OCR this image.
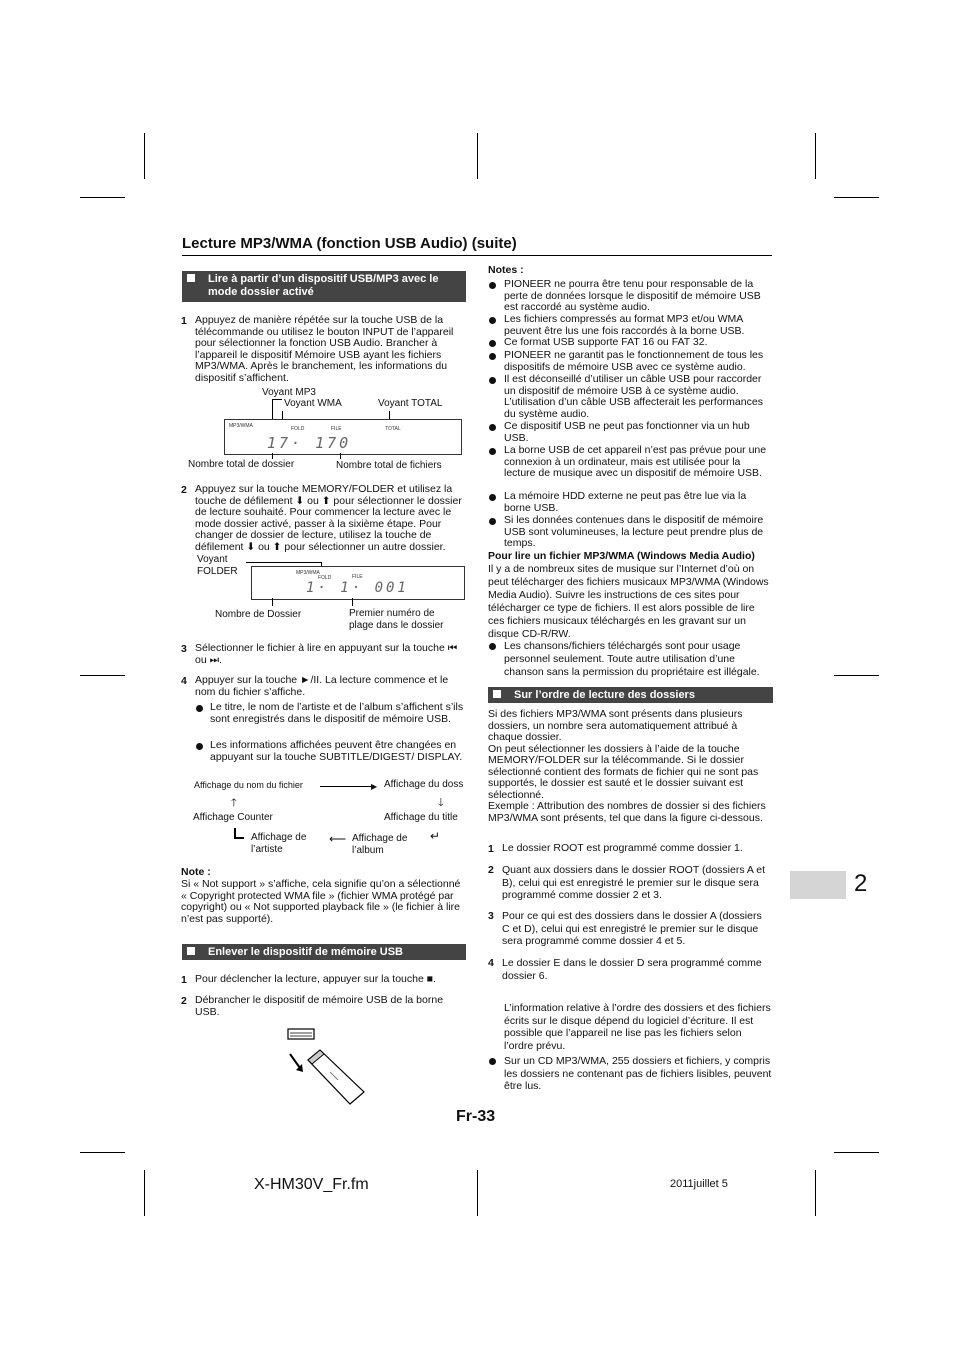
Lecture MP3/WMA (fonction USB Audio) (suite)
Lire à partir d’un dispositif USB/MP3 avec le mode dossier activé
1 Appuyez de manière répétée sur la touche USB de la télécommande ou utilisez le bouton INPUT de l’appareil pour sélectionner la fonction USB Audio. Brancher à l’appareil le dispositif Mémoire USB ayant les fichiers MP3/WMA. Après le branchement, les informations du dispositif s’affichent.
Voyant MP3
Voyant WMA	Voyant TOTAL
MP3/WMA	FOLD	FILE	TOTAL
17· 170
Nombre total de dossier	Nombre total de fichiers
2 Appuyez sur la touche MEMORY/FOLDER et utilisez la touche de défilement ⬇ ou ⬆ pour sélectionner le dossier de lecture souhaité. Pour commencer la lecture avec le mode dossier activé, passer à la sixième étape. Pour changer de dossier de lecture, utilisez la touche de défilement ⬇ ou ⬆ pour sélectionner un autre dossier.
Voyant
FOLDER	MP3/WMA
FOLD	FILE
1· 1· 001
Nombre de Dossier	Premier numéro de
plage dans le dossier
3 Sélectionner le fichier à lire en appuyant sur la touche ⏮ ou ⏭.
4 Appuyer sur la touche ►/II. La lecture commence et le nom du fichier s’affiche.
Le titre, le nom de l’artiste et de l’album s’affichent s’ils sont enregistrés dans le dispositif de mémoire USB.
Les informations affichées peuvent être changées en appuyant sur la touche SUBTITLE/DIGEST/ DISPLAY.
Affichage du nom du fichier	▶ Affichage du doss
🡑	🡓
Affichage Counter	Affichage du title
Affichage de
l’artiste
⟵ Affichage de
l’album
↵
Note :
Si « Not support » s’affiche, cela signifie qu’on a sélectionné « Copyright protected WMA file » (fichier WMA protégé par copyright) ou « Not supported playback file » (le fichier à lire n’est pas supporté).
Enlever le dispositif de mémoire USB
1 Pour déclencher la lecture, appuyer sur la touche ■.
2 Débrancher le dispositif de mémoire USB de la borne USB.
Notes :
PIONEER ne pourra être tenu pour responsable de la perte de données lorsque le dispositif de mémoire USB est raccordé au système audio.
Les fichiers compressés au format MP3 et/ou WMA peuvent être lus une fois raccordés à la borne USB.
Ce format USB supporte FAT 16 ou FAT 32.
PIONEER ne garantit pas le fonctionnement de tous les dispositifs de mémoire USB avec ce système audio.
Il est déconseillé d’utiliser un câble USB pour raccorder un dispositif de mémoire USB à ce système audio. L’utilisation d’un câble USB affecterait les performances du système audio.
Ce dispositif USB ne peut pas fonctionner via un hub USB.
La borne USB de cet appareil n’est pas prévue pour une connexion à un ordinateur, mais est utilisée pour la lecture de musique avec un dispositif de mémoire USB.
La mémoire HDD externe ne peut pas être lue via la borne USB.
Si les données contenues dans le dispositif de mémoire USB sont volumineuses, la lecture peut prendre plus de temps.
Pour lire un fichier MP3/WMA (Windows Media Audio)
Il y a de nombreux sites de musique sur l’Internet d’où on peut télécharger des fichiers musicaux MP3/WMA (Windows Media Audio). Suivre les instructions de ces sites pour télécharger ce type de fichiers. Il est alors possible de lire ces fichiers musicaux téléchargés en les gravant sur un disque CD-R/RW.
Les chansons/fichiers téléchargés sont pour usage personnel seulement. Toute autre utilisation d’une chanson sans la permission du propriétaire est illégale.
Sur l’ordre de lecture des dossiers
Si des fichiers MP3/WMA sont présents dans plusieurs dossiers, un nombre sera automatiquement attribué à chaque dossier.
On peut sélectionner les dossiers à l’aide de la touche MEMORY/FOLDER sur la télécommande. Si le dossier sélectionné contient des formats de fichier qui ne sont pas supportés, le dossier est sauté et le dossier suivant est sélectionné.
Exemple : Attribution des nombres de dossier si des fichiers MP3/WMA sont présents, tel que dans la figure ci-dessous.
1 Le dossier ROOT est programmé comme dossier 1.
2 Quant aux dossiers dans le dossier ROOT (dossiers A et B), celui qui est enregistré le premier sur le disque sera programmé comme dossier 2 et 3.
3 Pour ce qui est des dossiers dans le dossier A (dossiers C et D), celui qui est enregistré le premier sur le disque sera programmé comme dossier 4 et 5.
4 Le dossier E dans le dossier D sera programmé comme dossier 6.
L’information relative à l’ordre des dossiers et des fichiers écrits sur le disque dépend du logiciel d’écriture. Il est possible que l’appareil ne lise pas les fichiers selon l’ordre prévu.
Sur un CD MP3/WMA, 255 dossiers et fichiers, y compris les dossiers ne contenant pas de fichiers lisibles, peuvent être lus.
2
Fr-33
X-HM30V_Fr.fm	2011juillet 5
